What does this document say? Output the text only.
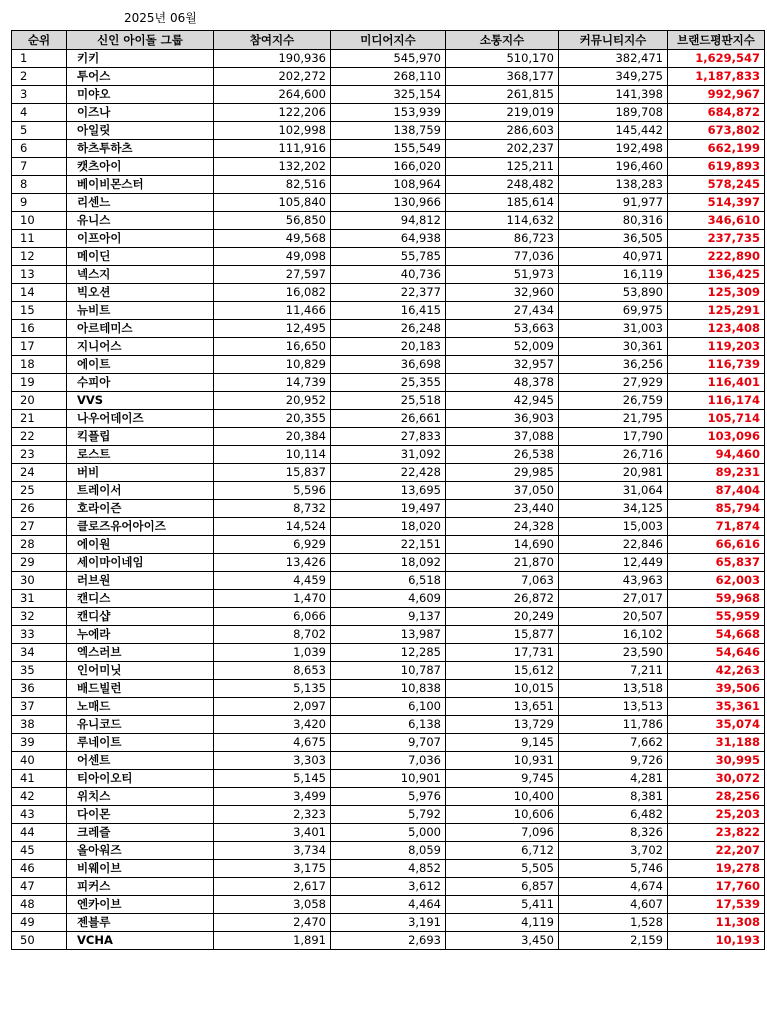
2025년 06월
순위	신인 아이돌 그룹	참여지수	미디어지수	소통지수	커뮤니티지수	브랜드평판지수
1	키키	190,936	545,970	510,170	382,471	1,629,547
2	투어스	202,272	268,110	368,177	349,275	1,187,833
3	미야오	264,600	325,154	261,815	141,398	992,967
4	이즈나	122,206	153,939	219,019	189,708	684,872
5	아일릿	102,998	138,759	286,603	145,442	673,802
6	하츠투하츠	111,916	155,549	202,237	192,498	662,199
7	캣츠아이	132,202	166,020	125,211	196,460	619,893
8	베이비몬스터	82,516	108,964	248,482	138,283	578,245
9	리센느	105,840	130,966	185,614	91,977	514,397
10	유니스	56,850	94,812	114,632	80,316	346,610
11	이프아이	49,568	64,938	86,723	36,505	237,735
12	메이딘	49,098	55,785	77,036	40,971	222,890
13	넥스지	27,597	40,736	51,973	16,119	136,425
14	빅오션	16,082	22,377	32,960	53,890	125,309
15	뉴비트	11,466	16,415	27,434	69,975	125,291
16	아르테미스	12,495	26,248	53,663	31,003	123,408
17	지니어스	16,650	20,183	52,009	30,361	119,203
18	에이트	10,829	36,698	32,957	36,256	116,739
19	수피아	14,739	25,355	48,378	27,929	116,401
20	VVS	20,952	25,518	42,945	26,759	116,174
21	나우어데이즈	20,355	26,661	36,903	21,795	105,714
22	킥플립	20,384	27,833	37,088	17,790	103,096
23	로스트	10,114	31,092	26,538	26,716	94,460
24	버비	15,837	22,428	29,985	20,981	89,231
25	트레이서	5,596	13,695	37,050	31,064	87,404
26	호라이즌	8,732	19,497	23,440	34,125	85,794
27	클로즈유어아이즈	14,524	18,020	24,328	15,003	71,874
28	에이원	6,929	22,151	14,690	22,846	66,616
29	세이마이네임	13,426	18,092	21,870	12,449	65,837
30	러브원	4,459	6,518	7,063	43,963	62,003
31	캔디스	1,470	4,609	26,872	27,017	59,968
32	캔디샵	6,066	9,137	20,249	20,507	55,959
33	누에라	8,702	13,987	15,877	16,102	54,668
34	엑스러브	1,039	12,285	17,731	23,590	54,646
35	인어미닛	8,653	10,787	15,612	7,211	42,263
36	배드빌런	5,135	10,838	10,015	13,518	39,506
37	노매드	2,097	6,100	13,651	13,513	35,361
38	유니코드	3,420	6,138	13,729	11,786	35,074
39	루네이트	4,675	9,707	9,145	7,662	31,188
40	어센트	3,303	7,036	10,931	9,726	30,995
41	티아이오티	5,145	10,901	9,745	4,281	30,072
42	위치스	3,499	5,976	10,400	8,381	28,256
43	다이몬	2,323	5,792	10,606	6,482	25,203
44	크레즐	3,401	5,000	7,096	8,326	23,822
45	올아워즈	3,734	8,059	6,712	3,702	22,207
46	비웨이브	3,175	4,852	5,505	5,746	19,278
47	피커스	2,617	3,612	6,857	4,674	17,760
48	엔카이브	3,058	4,464	5,411	4,607	17,539
49	젠블루	2,470	3,191	4,119	1,528	11,308
50	VCHA	1,891	2,693	3,450	2,159	10,193
